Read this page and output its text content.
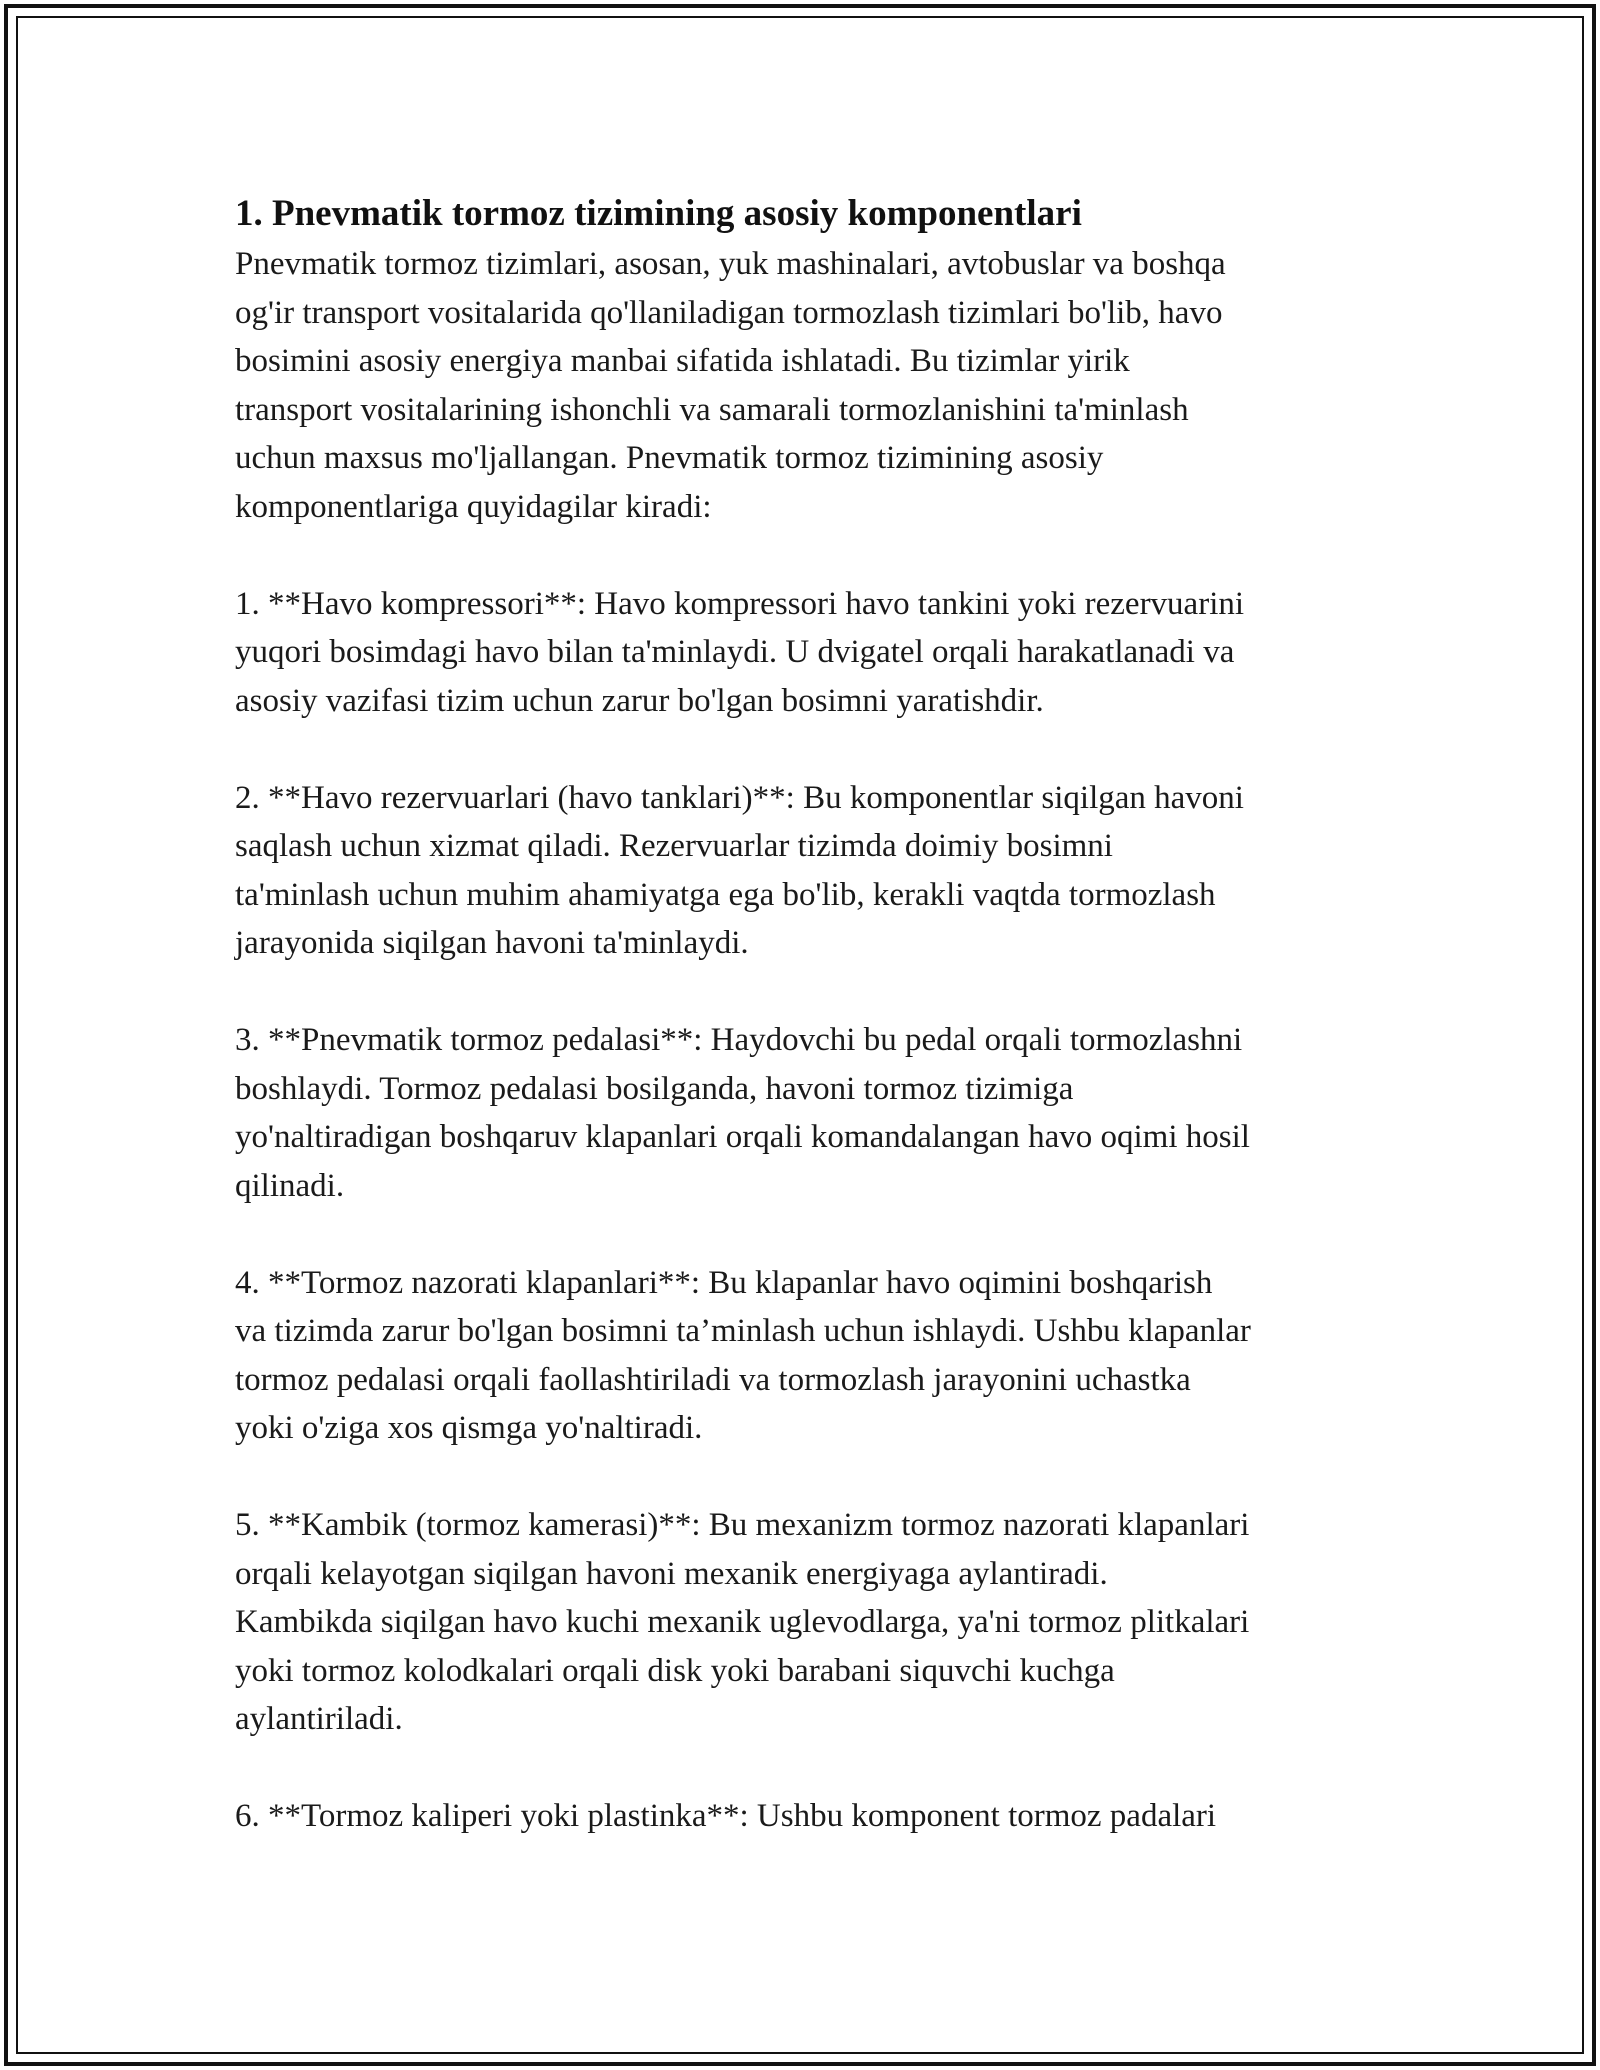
1. Pnevmatik tormoz tizimining asosiy komponentlari

Pnevmatik tormoz tizimlari, asosan, yuk mashinalari, avtobuslar va boshqa
og'ir transport vositalarida qo'llaniladigan tormozlash tizimlari bo'lib, havo
bosimini asosiy energiya manbai sifatida ishlatadi. Bu tizimlar yirik
transport vositalarining ishonchli va samarali tormozlanishini ta'minlash
uchun maxsus mo'ljallangan. Pnevmatik tormoz tizimining asosiy
komponentlariga quyidagilar kiradi:

1. **Havo kompressori**: Havo kompressori havo tankini yoki rezervuarini
yuqori bosimdagi havo bilan ta'minlaydi. U dvigatel orqali harakatlanadi va
asosiy vazifasi tizim uchun zarur bo'lgan bosimni yaratishdir.

2. **Havo rezervuarlari (havo tanklari)**: Bu komponentlar siqilgan havoni
saqlash uchun xizmat qiladi. Rezervuarlar tizimda doimiy bosimni
ta'minlash uchun muhim ahamiyatga ega bo'lib, kerakli vaqtda tormozlash
jarayonida siqilgan havoni ta'minlaydi.

3. **Pnevmatik tormoz pedalasi**: Haydovchi bu pedal orqali tormozlashni
boshlaydi. Tormoz pedalasi bosilganda, havoni tormoz tizimiga
yo'naltiradigan boshqaruv klapanlari orqali komandalangan havo oqimi hosil
qilinadi.

4. **Tormoz nazorati klapanlari**: Bu klapanlar havo oqimini boshqarish
va tizimda zarur bo'lgan bosimni ta’minlash uchun ishlaydi. Ushbu klapanlar
tormoz pedalasi orqali faollashtiriladi va tormozlash jarayonini uchastka
yoki o'ziga xos qismga yo'naltiradi.

5. **Kambik (tormoz kamerasi)**: Bu mexanizm tormoz nazorati klapanlari
orqali kelayotgan siqilgan havoni mexanik energiyaga aylantiradi.
Kambikda siqilgan havo kuchi mexanik uglevodlarga, ya'ni tormoz plitkalari
yoki tormoz kolodkalari orqali disk yoki barabani siquvchi kuchga
aylantiriladi.

6. **Tormoz kaliperi yoki plastinka**: Ushbu komponent tormoz padalari
